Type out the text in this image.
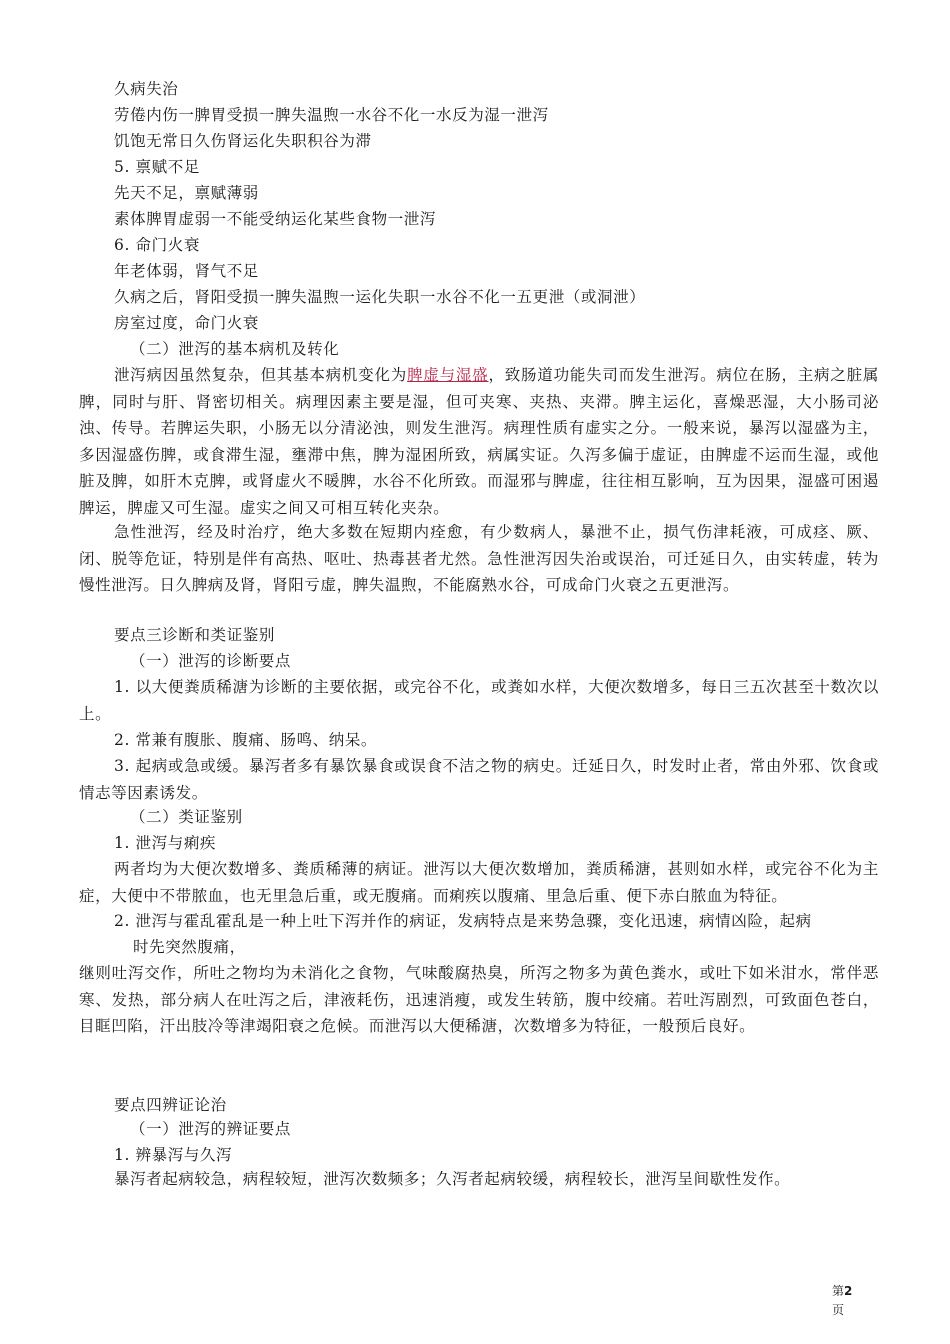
久病失治
劳倦内伤一脾胃受损一脾失温煦一水谷不化一水反为湿一泄泻
饥饱无常日久伤肾运化失职积谷为滞
5. 禀赋不足
先天不足，禀赋薄弱
素体脾胃虚弱一不能受纳运化某些食物一泄泻
6. 命门火衰
年老体弱，肾气不足
久病之后，肾阳受损一脾失温煦一运化失职一水谷不化一五更泄（或洞泄）
房室过度，命门火衰
（二）泄泻的基本病机及转化
泄泻病因虽然复杂，但其基本病机变化为脾虚与湿盛，致肠道功能失司而发生泄泻。病位在肠，主病之脏属脾，同时与肝、肾密切相关。病理因素主要是湿，但可夹寒、夹热、夹滞。脾主运化，喜燥恶湿，大小肠司泌浊、传导。若脾运失职，小肠无以分清泌浊，则发生泄泻。病理性质有虚实之分。一般来说，暴泻以湿盛为主，多因湿盛伤脾，或食滞生湿，壅滞中焦，脾为湿困所致，病属实证。久泻多偏于虚证，由脾虚不运而生湿，或他脏及脾，如肝木克脾，或肾虚火不暖脾，水谷不化所致。而湿邪与脾虚，往往相互影响，互为因果，湿盛可困遏脾运，脾虚又可生湿。虚实之间又可相互转化夹杂。
急性泄泻，经及时治疗，绝大多数在短期内痊愈，有少数病人，暴泄不止，损气伤津耗液，可成痉、厥、闭、脱等危证，特别是伴有高热、呕吐、热毒甚者尤然。急性泄泻因失治或误治，可迁延日久，由实转虚，转为慢性泄泻。日久脾病及肾，肾阳亏虚，脾失温煦，不能腐熟水谷，可成命门火衰之五更泄泻。
要点三诊断和类证鉴别
（一）泄泻的诊断要点
1. 以大便粪质稀溏为诊断的主要依据，或完谷不化，或粪如水样，大便次数增多，每日三五次甚至十数次以上。
2. 常兼有腹胀、腹痛、肠鸣、纳呆。
3. 起病或急或缓。暴泻者多有暴饮暴食或误食不洁之物的病史。迁延日久，时发时止者，常由外邪、饮食或情志等因素诱发。
（二）类证鉴别
1. 泄泻与痢疾
两者均为大便次数增多、粪质稀薄的病证。泄泻以大便次数增加，粪质稀溏，甚则如水样，或完谷不化为主症，大便中不带脓血，也无里急后重，或无腹痛。而痢疾以腹痛、里急后重、便下赤白脓血为特征。
2. 泄泻与霍乱霍乱是一种上吐下泻并作的病证，发病特点是来势急骤，变化迅速，病情凶险，起病
时先突然腹痛，
继则吐泻交作，所吐之物均为未消化之食物，气味酸腐热臭，所泻之物多为黄色粪水，或吐下如米泔水，常伴恶寒、发热，部分病人在吐泻之后，津液耗伤，迅速消瘦，或发生转筋，腹中绞痛。若吐泻剧烈，可致面色苍白，目眶凹陷，汗出肢冷等津竭阳衰之危候。而泄泻以大便稀溏，次数增多为特征，一般预后良好。
要点四辨证论治
（一）泄泻的辨证要点
1. 辨暴泻与久泻
暴泻者起病较急，病程较短，泄泻次数频多；久泻者起病较缓，病程较长，泄泻呈间歇性发作。
第2
页
